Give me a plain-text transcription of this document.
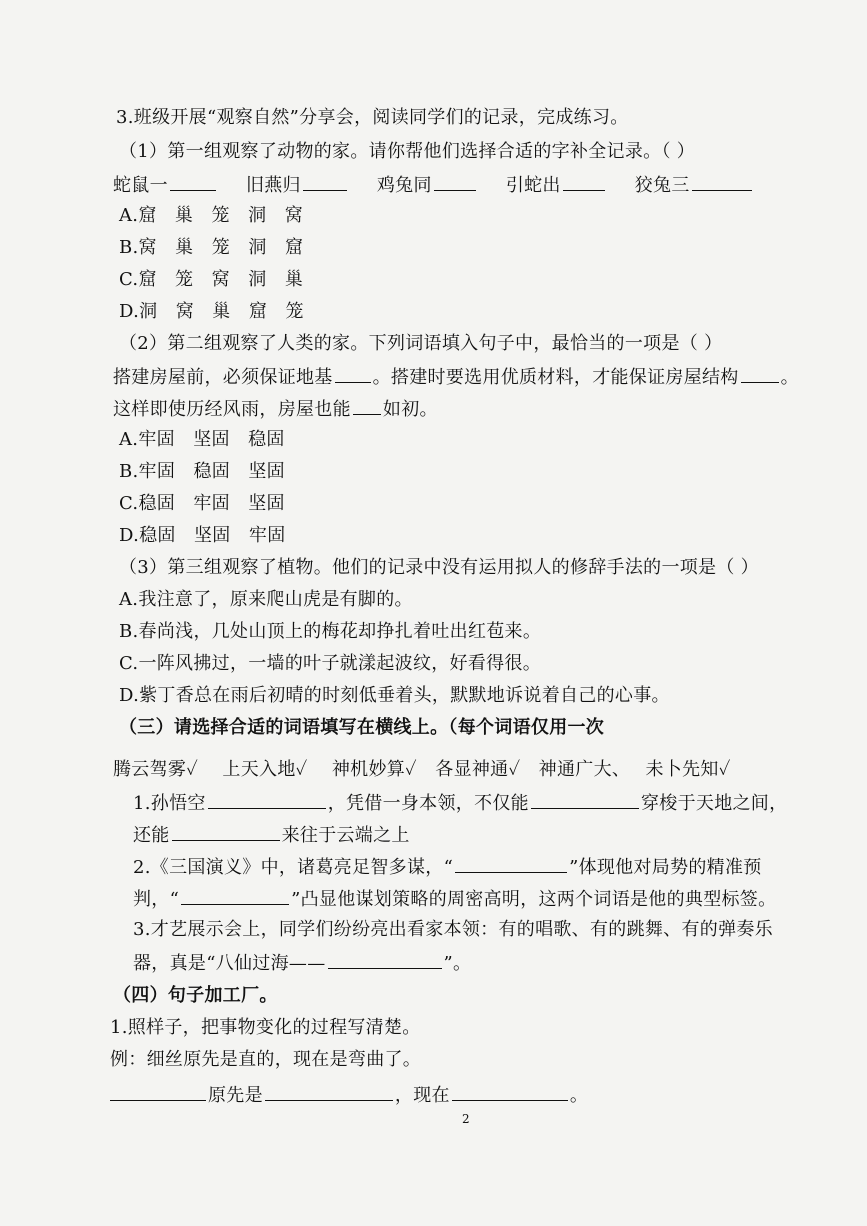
3.班级开展“观察自然”分享会，阅读同学们的记录，完成练习。
（1）第一组观察了动物的家。请你帮他们选择合适的字补全记录。（ ）
蛇鼠一	旧燕归	鸡兔同	引蛇出	狡兔三
A.窟　巢　笼　洞　窝
B.窝　巢　笼　洞　窟
C.窟　笼　窝　洞　巢
D.洞　窝　巢　窟　笼
（2）第二组观察了人类的家。下列词语填入句子中，最恰当的一项是（ ）
搭建房屋前，必须保证地基 。搭建时要选用优质材料，才能保证房屋结构 。
这样即使历经风雨，房屋也能 如初。
A.牢固　坚固　稳固
B.牢固　稳固　坚固
C.稳固　牢固　坚固
D.稳固　坚固　牢固
（3）第三组观察了植物。他们的记录中没有运用拟人的修辞手法的一项是（ ）
A.我注意了，原来爬山虎是有脚的。
B.春尚浅，几处山顶上的梅花却挣扎着吐出红苞来。
C.一阵风拂过，一墙的叶子就漾起波纹，好看得很。
D.紫丁香总在雨后初晴的时刻低垂着头，默默地诉说着自己的心事。
（三）请选择合适的词语填写在横线上。（每个词语仅用一次
腾云驾雾✓　 上天入地✓　 神机妙算✓　各显神通✓　神通广大、　 未卜先知✓
1.孙悟空	，凭借一身本领，不仅能	穿梭于天地之间，
还能	来往于云端之上
2.《三国演义》中，诸葛亮足智多谋，“	”体现他对局势的精准预
判，“	”凸显他谋划策略的周密高明，这两个词语是他的典型标签。
3.才艺展示会上，同学们纷纷亮出看家本领：有的唱歌、有的跳舞、有的弹奏乐
器，真是“八仙过海——	”。
（四）句子加工厂。
1.照样子，把事物变化的过程写清楚。
例：细丝原先是直的，现在是弯曲了。
原先是	，现在	。
2
